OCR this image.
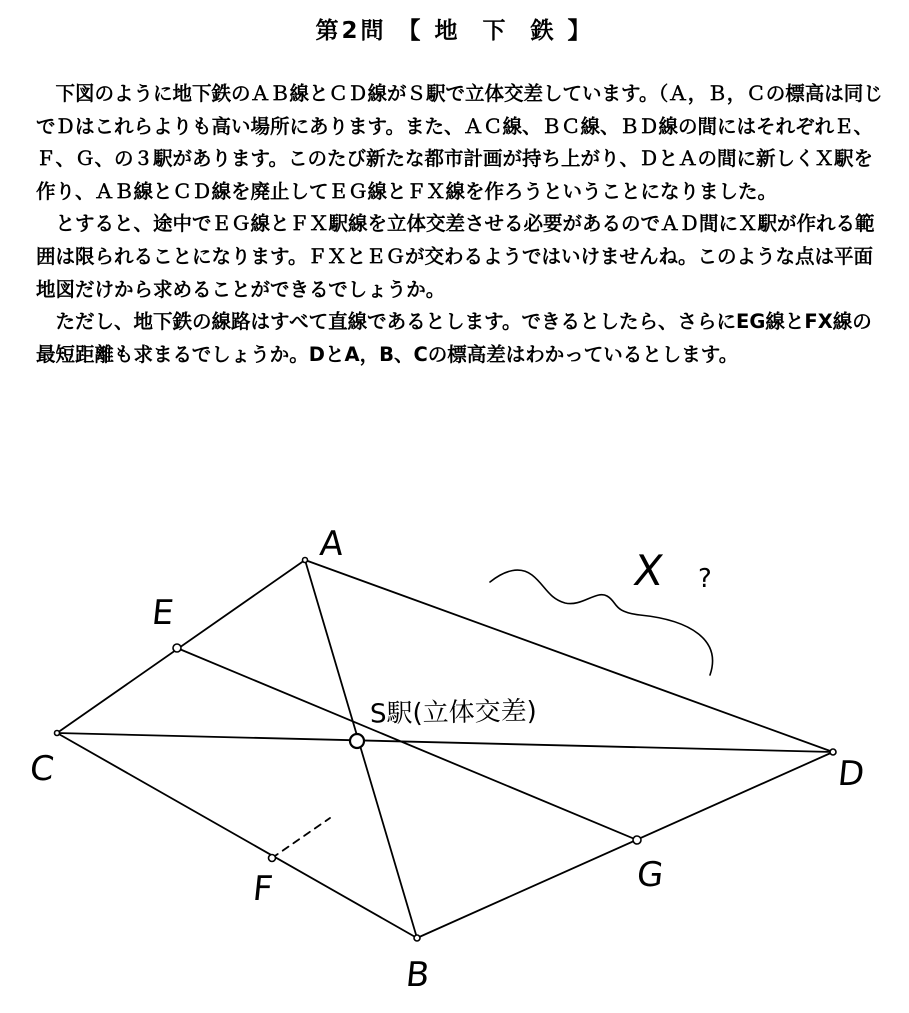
第2問 【 地  下  鉄 】

下図のように地下鉄のＡＢ線とＣＤ線がＳ駅で立体交差しています。（Ａ，Ｂ，Ｃの標高は同じでＤはこれらよりも高い場所にあります。また、ＡＣ線、ＢＣ線、ＢＤ線の間にはそれぞれＥ、Ｆ、Ｇ、の３駅があります。このたび新たな都市計画が持ち上がり、ＤとＡの間に新しくＸ駅を作り、ＡＢ線とＣＤ線を廃止してＥＧ線とＦＸ線を作ろうということになりました。

とすると、途中でＥＧ線とＦＸ駅線を立体交差させる必要があるのでＡＤ間にＸ駅が作れる範囲は限られることになります。ＦＸとＥＧが交わるようではいけませんね。このような点は平面地図だけから求めることができるでしょうか。

ただし、地下鉄の線路はすべて直線であるとします。できるとしたら、さらにEG線とFX線の最短距離も求まるでしょうか。DとA，B、Cの標高差はわかっているとします。

A
E
C
F
B
G
D
X ?
S駅(立体交差)
